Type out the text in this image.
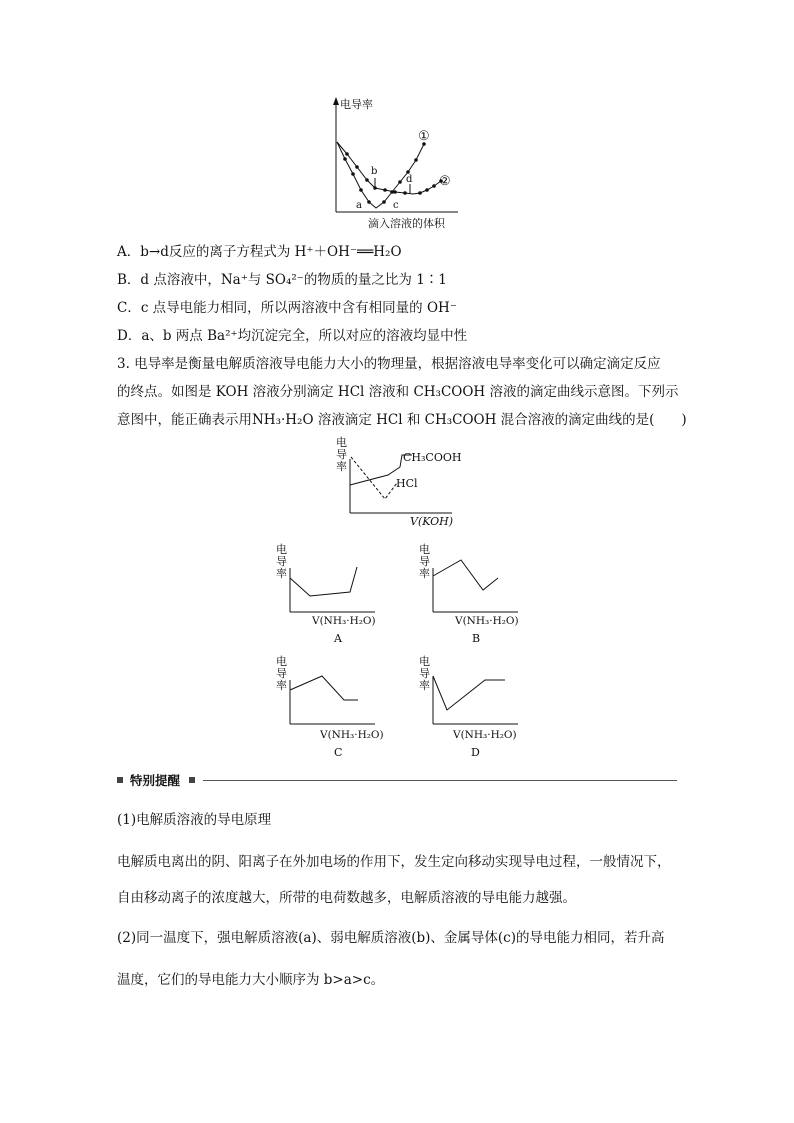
电导率
滴入溶液的体积
①
②
a
b
c
d
A．b→d反应的离子方程式为 H⁺＋OH⁻══H₂O
B．d 点溶液中，Na⁺与 SO₄²⁻的物质的量之比为 1∶1
C．c 点导电能力相同，所以两溶液中含有相同量的 OH⁻
D．a、b 两点 Ba²⁺均沉淀完全，所以对应的溶液均显中性
3. 电导率是衡量电解质溶液导电能力大小的物理量，根据溶液电导率变化可以确定滴定反应
的终点。如图是 KOH 溶液分别滴定 HCl 溶液和 CH₃COOH 溶液的滴定曲线示意图。下列示
意图中，能正确表示用NH₃·H₂O 溶液滴定 HCl 和 CH₃COOH 混合溶液的滴定曲线的是(　　)
电
导
率
CH₃COOH
HCl
V(KOH)
电
导
率
V(NH₃·H₂O)
A
电
导
率
V(NH₃·H₂O)
B
电
导
率
V(NH₃·H₂O)
C
电
导
率
V(NH₃·H₂O)
D
特别提醒
(1)电解质溶液的导电原理
电解质电离出的阴、阳离子在外加电场的作用下，发生定向移动实现导电过程，一般情况下，
自由移动离子的浓度越大，所带的电荷数越多，电解质溶液的导电能力越强。
(2)同一温度下，强电解质溶液(a)、弱电解质溶液(b)、金属导体(c)的导电能力相同，若升高
温度，它们的导电能力大小顺序为 b>a>c。
